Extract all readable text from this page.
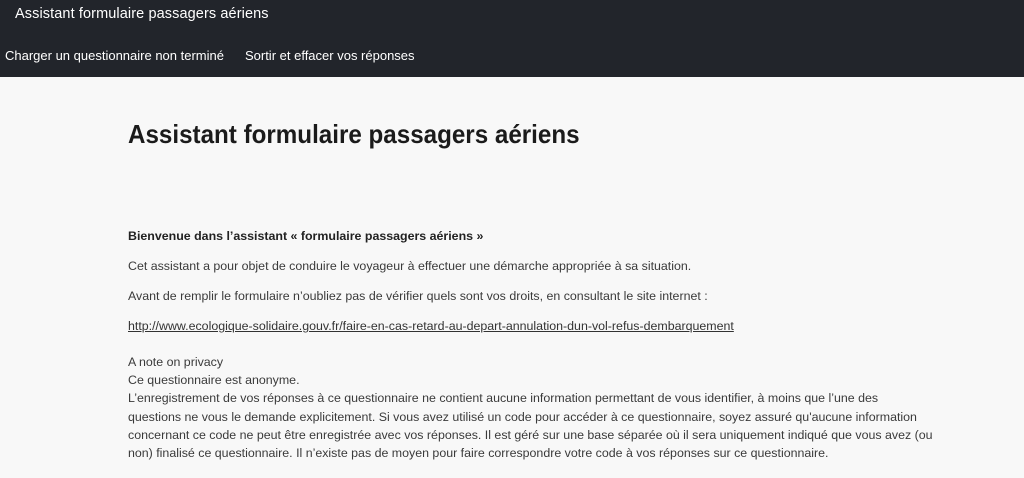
Assistant formulaire passagers aériens
Charger un questionnaire non terminé	Sortir et effacer vos réponses
Assistant formulaire passagers aériens

Bienvenue dans l’assistant « formulaire passagers aériens »

Cet assistant a pour objet de conduire le voyageur à effectuer une démarche appropriée à sa situation.

Avant de remplir le formulaire n’oubliez pas de vérifier quels sont vos droits, en consultant le site internet :

http://www.ecologique-solidaire.gouv.fr/faire-en-cas-retard-au-depart-annulation-dun-vol-refus-dembarquement

A note on privacy
Ce questionnaire est anonyme.
L’enregistrement de vos réponses à ce questionnaire ne contient aucune information permettant de vous identifier, à moins que l’une des
questions ne vous le demande explicitement. Si vous avez utilisé un code pour accéder à ce questionnaire, soyez assuré qu'aucune information
concernant ce code ne peut être enregistrée avec vos réponses. Il est géré sur une base séparée où il sera uniquement indiqué que vous avez (ou
non) finalisé ce questionnaire. Il n’existe pas de moyen pour faire correspondre votre code à vos réponses sur ce questionnaire.
